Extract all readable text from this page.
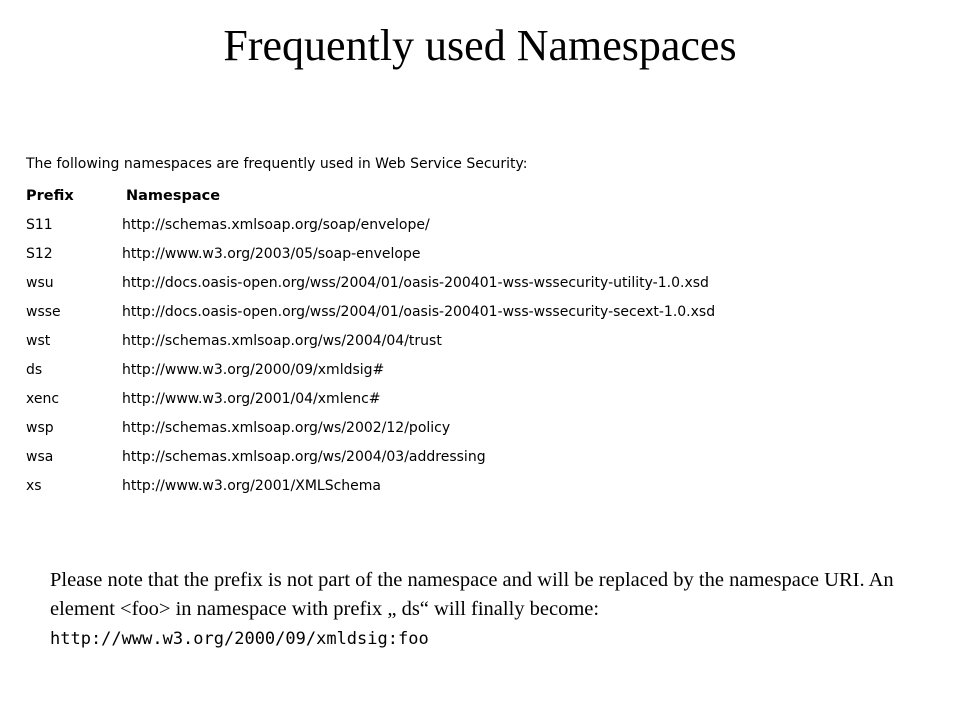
Frequently used Namespaces
The following namespaces are frequently used in Web Service Security:
Prefix	Namespace
S11	http://schemas.xmlsoap.org/soap/envelope/
S12	http://www.w3.org/2003/05/soap-envelope
wsu	http://docs.oasis-open.org/wss/2004/01/oasis-200401-wss-wssecurity-utility-1.0.xsd
wsse	http://docs.oasis-open.org/wss/2004/01/oasis-200401-wss-wssecurity-secext-1.0.xsd
wst	http://schemas.xmlsoap.org/ws/2004/04/trust
ds	http://www.w3.org/2000/09/xmldsig#
xenc	http://www.w3.org/2001/04/xmlenc#
wsp	http://schemas.xmlsoap.org/ws/2002/12/policy
wsa	http://schemas.xmlsoap.org/ws/2004/03/addressing
xs	http://www.w3.org/2001/XMLSchema
Please note that the prefix is not part of the namespace and will be replaced by the namespace URI. An element <foo> in namespace with prefix „ ds“ will finally become: http://www.w3.org/2000/09/xmldsig:foo
